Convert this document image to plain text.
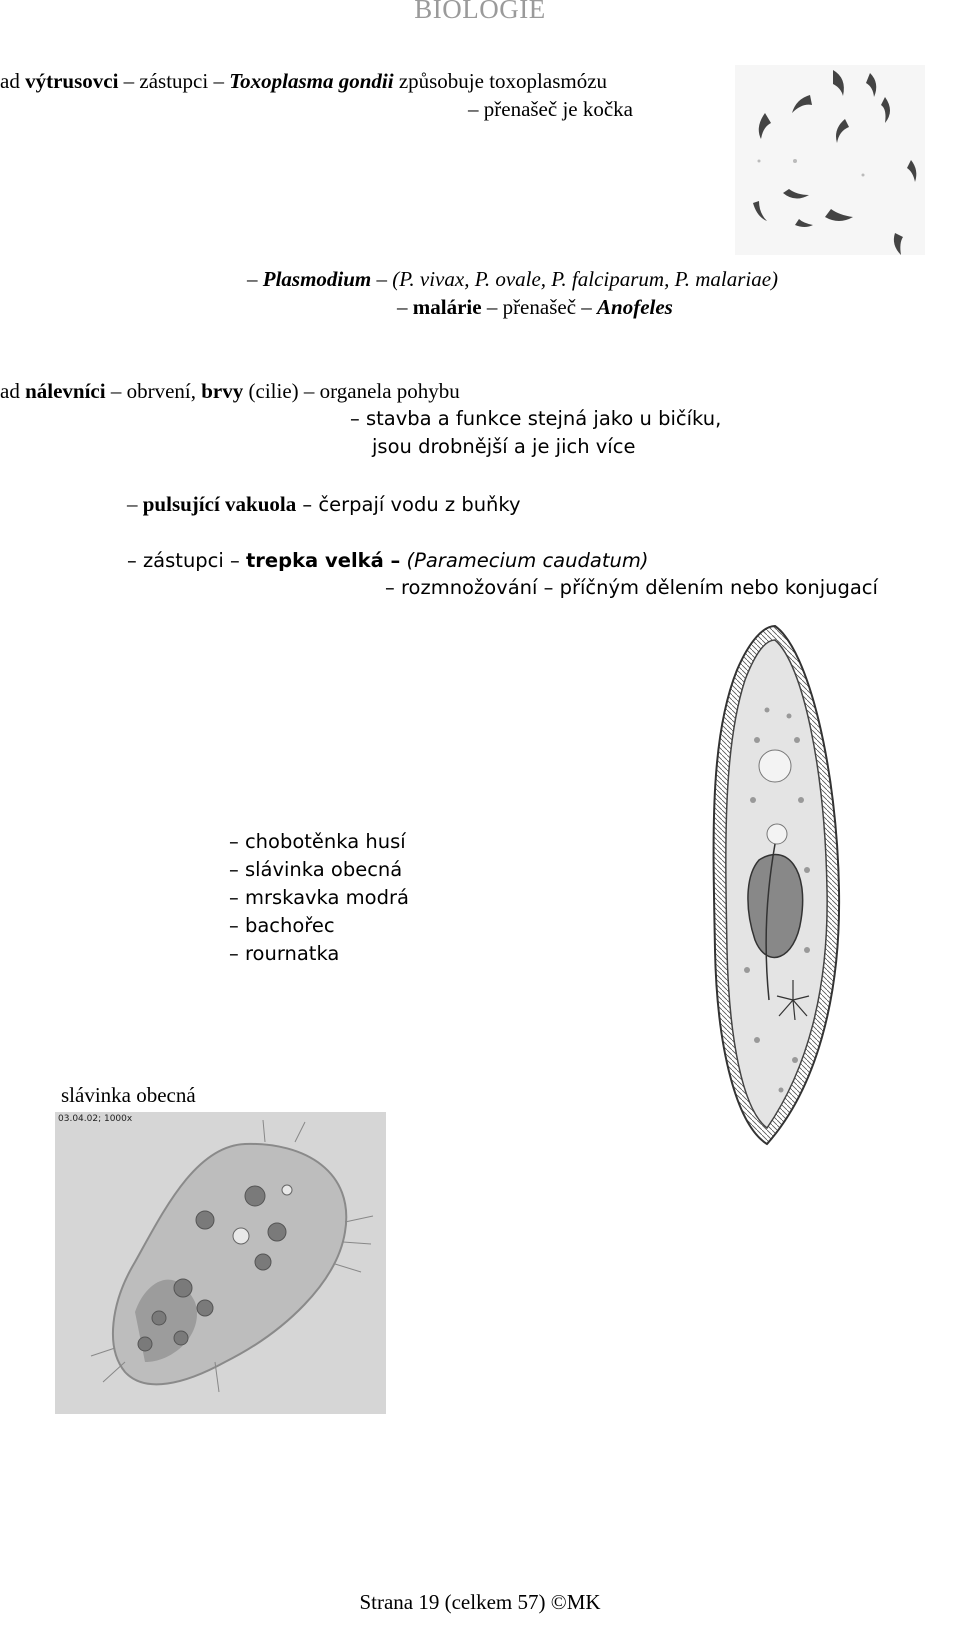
BIOLOGIE
ad výtrusovci – zástupci – Toxoplasma gondii způsobuje toxoplasmózu
– přenašeč je kočka
– Plasmodium – (P. vivax, P. ovale, P. falciparum, P. malariae)
– malárie – přenašeč – Anofeles
ad nálevníci – obrvení, brvy (cilie) – organela pohybu
– stavba a funkce stejná jako u bičíku,
jsou drobnější a je jich více
– pulsující vakuola – čerpají vodu z buňky
– zástupci – trepka velká – (Paramecium caudatum)
– rozmnožování – příčným dělením nebo konjugací
– chobotěnka husí
– slávinka obecná
– mrskavka modrá
– bachořec
– rournatka
slávinka obecná
03.04.02; 1000x
Strana 19 (celkem 57) ©MK
